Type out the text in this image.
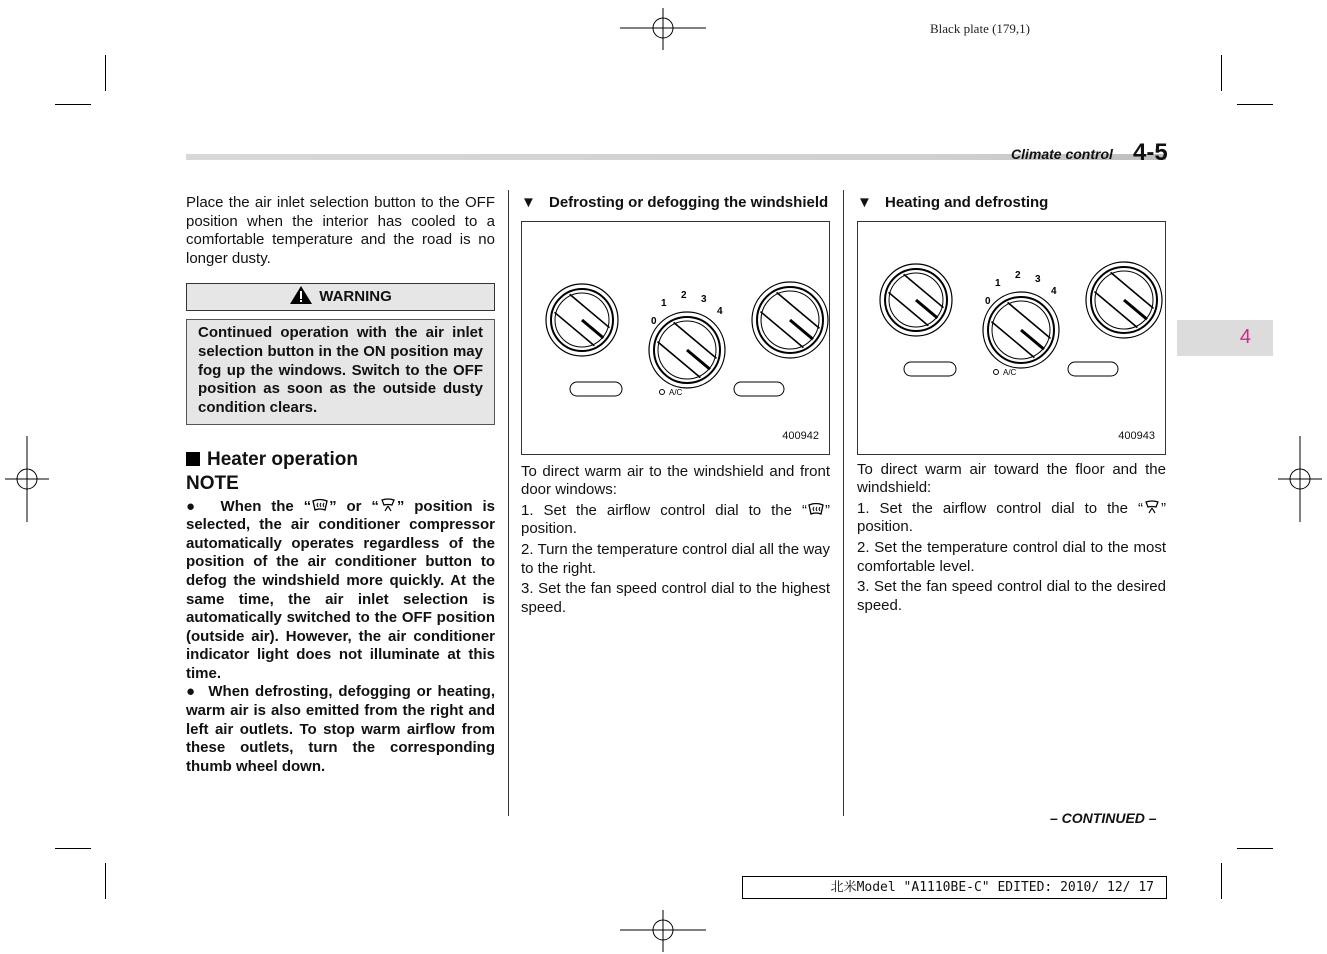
Black plate (179,1)
Climate control 4-5
4

Place the air inlet selection button to the OFF position when the interior has cooled to a comfortable temperature and the road is no longer dusty.

WARNING
Continued operation with the air inlet selection button in the ON position may fog up the windows. Switch to the OFF position as soon as the outside dusty condition clears.
Heater operation
NOTE

●  When the “ ” or “ ” position is selected, the air conditioner compressor automatically operates regardless of the position of the air conditioner button to defog the windshield more quickly. At the same time, the air inlet selection is automatically switched to the OFF position (outside air). However, the air conditioner indicator light does not illuminate at this time.

●  When defrosting, defogging or heating, warm air is also emitted from the right and left air outlets. To stop warm airflow from these outlets, turn the corresponding thumb wheel down.

▼ Defrosting or defogging the windshield
0
1
2 3
4
A/C
400942

To direct warm air to the windshield and front door windows:

1. Set the airflow control dial to the “ ” position.

2. Turn the temperature control dial all the way to the right.

3. Set the fan speed control dial to the highest speed.

▼ Heating and defrosting
0
1
2 3
4
A/C
400943

To direct warm air toward the floor and the windshield:

1. Set the airflow control dial to the “ ” position.

2. Set the temperature control dial to the most comfortable level.

3. Set the fan speed control dial to the desired speed.

– CONTINUED –
北米Model "A1110BE-C" EDITED: 2010/ 12/ 17
